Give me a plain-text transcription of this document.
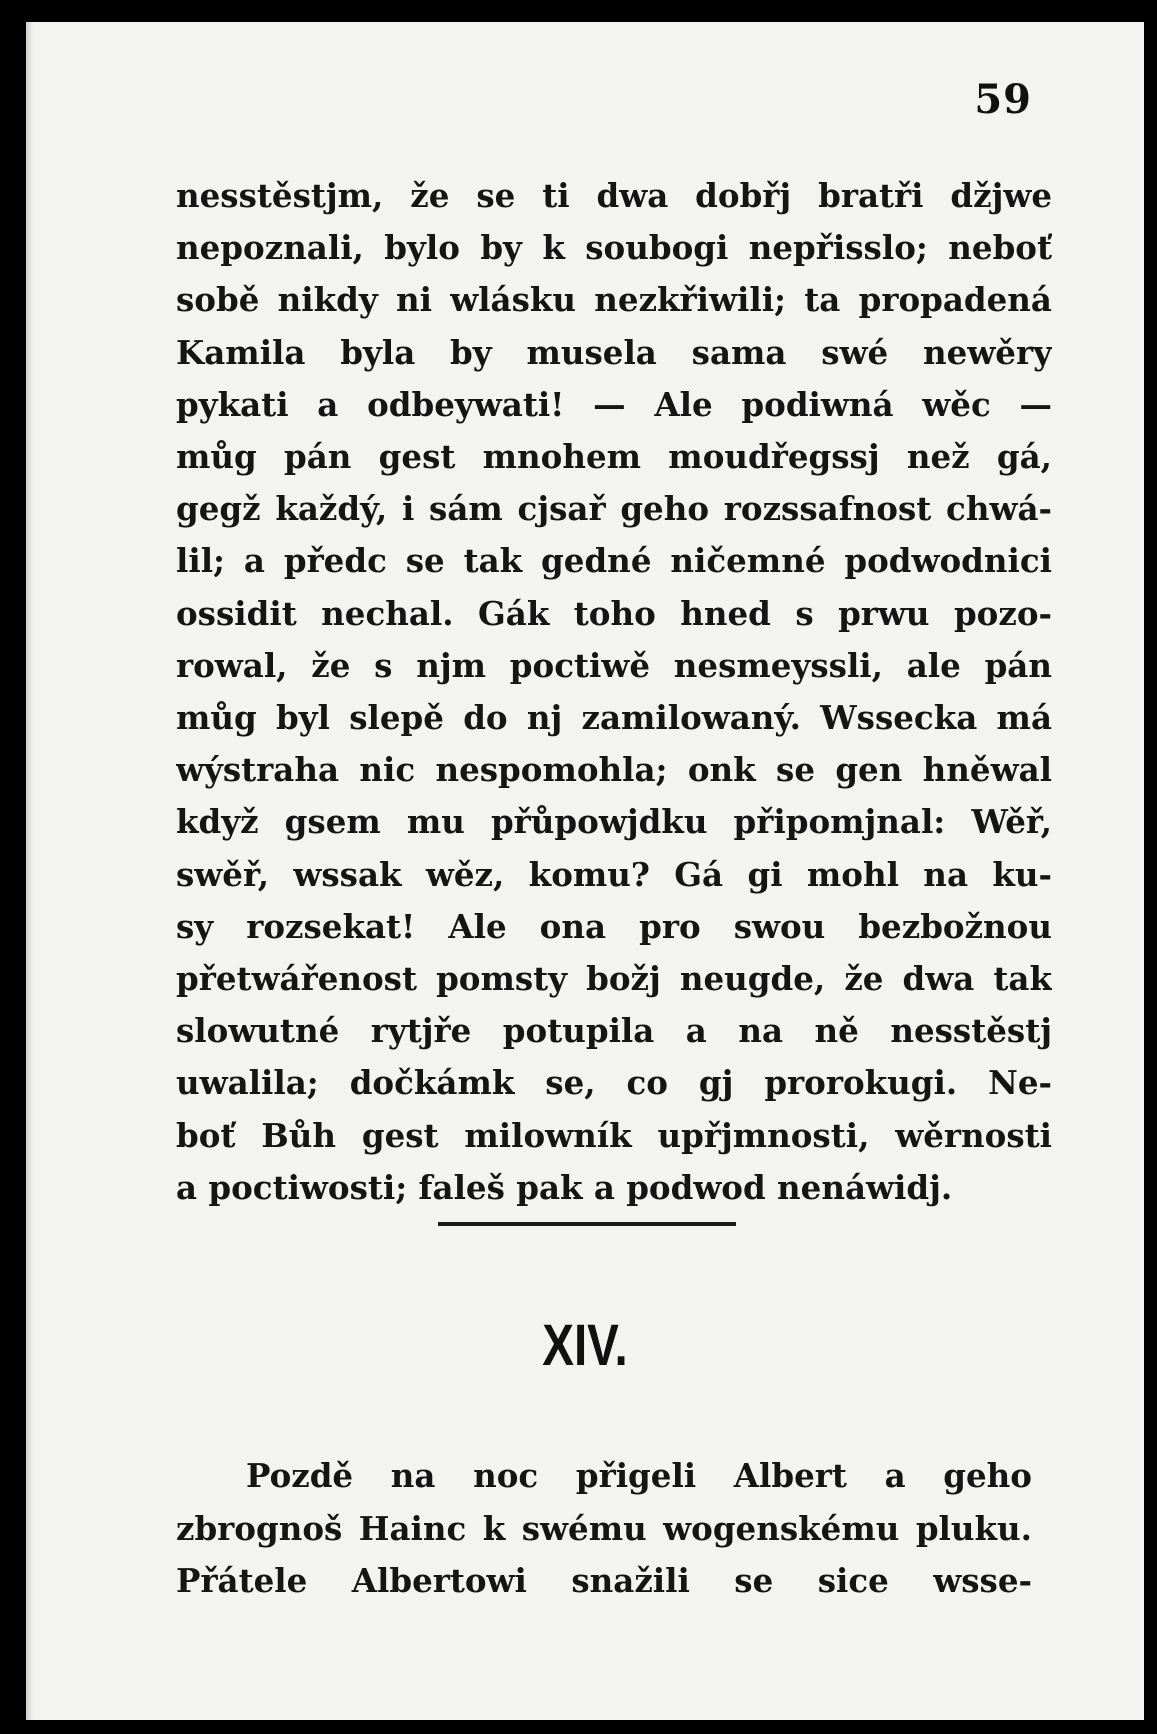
59
nesstěstjm, že se ti dwa dobřj bratři džjwe
nepoznali, bylo by k soubogi nepřisslo; neboť
sobě nikdy ni wlásku nezkřiwili; ta propadená
Kamila byla by musela sama swé newěry
pykati a odbeywati! — Ale podiwná wěc —
můg pán gest mnohem moudřegssj než gá,
gegž každý, i sám cjsař geho rozssafnost chwá-
lil; a předc se tak gedné ničemné podwodnici
ossidit nechal. Gák toho hned s prwu pozo-
rowal, že s njm poctiwě nesmeyssli, ale pán
můg byl slepě do nj zamilowaný. Wssecka má
wýstraha nic nespomohla; onk se gen hněwal
když gsem mu přůpowjdku připomjnal: Wěř,
swěř, wssak wěz, komu? Gá gi mohl na ku-
sy rozsekat! Ale ona pro swou bezbožnou
přetwářenost pomsty božj neugde, že dwa tak
slowutné rytjře potupila a na ně nesstěstj
uwalila; dočkámk se, co gj prorokugi. Ne-
boť Bůh gest milowník upřjmnosti, wěrnosti
a poctiwosti; faleš pak a podwod nenáwidj.
XIV.
Pozdě na noc přigeli Albert a geho
zbrognoš Hainc k swému wogenskému pluku.
Přátele Albertowi snažili se sice wsse-
